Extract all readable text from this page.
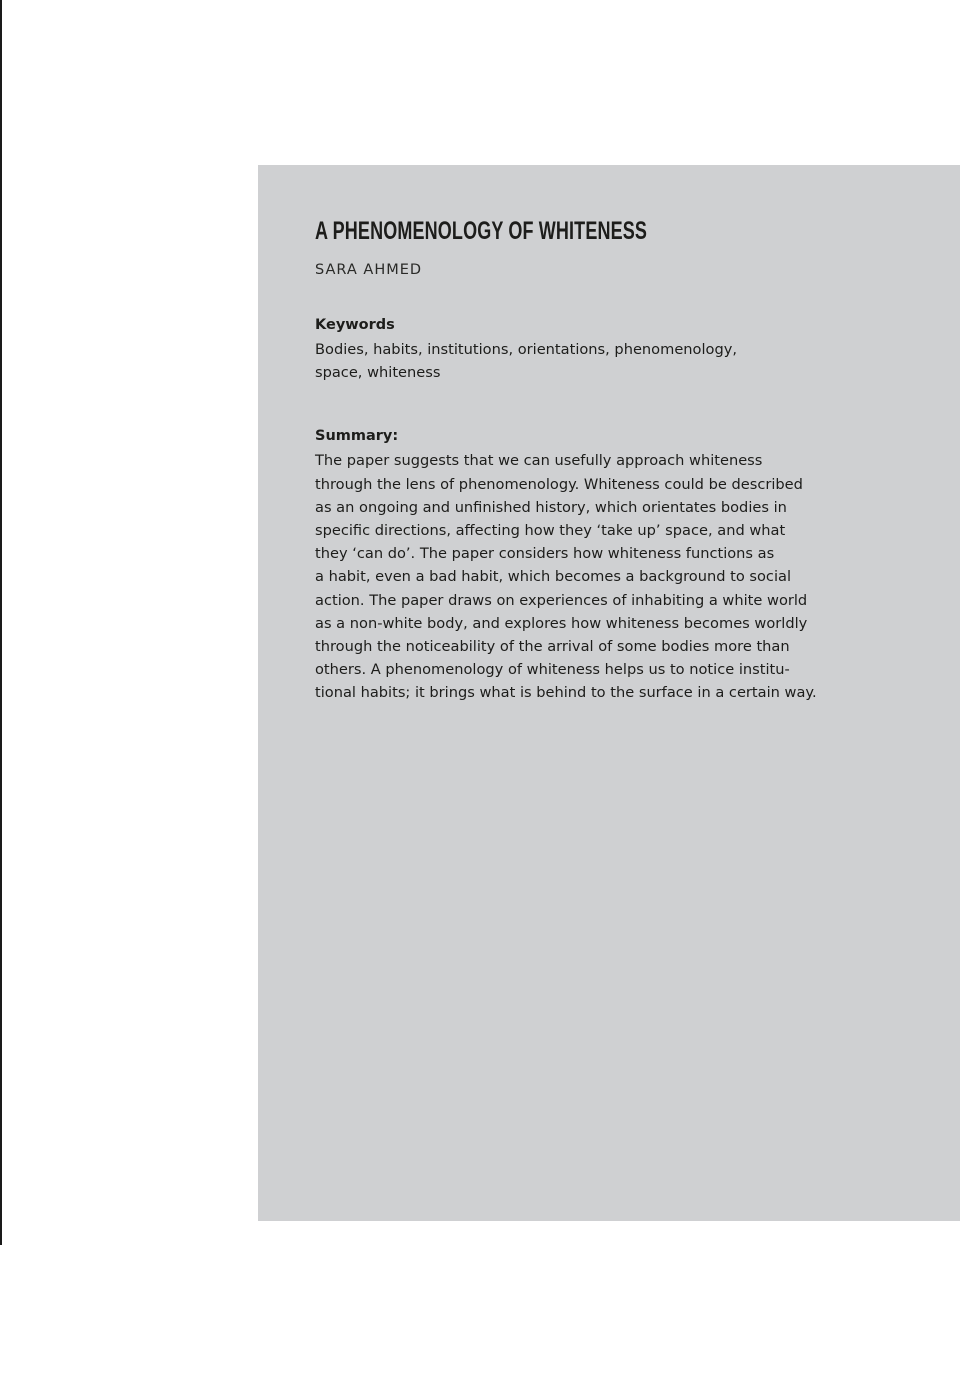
A PHENOMENOLOGY OF WHITENESS
SARA AHMED
Keywords
Bodies, habits, institutions, orientations, phenomenology,
space, whiteness
Summary:
The paper suggests that we can usefully approach whiteness
through the lens of phenomenology. Whiteness could be described
as an ongoing and unfinished history, which orientates bodies in
specific directions, affecting how they ‘take up’ space, and what
they ‘can do’. The paper considers how whiteness functions as
a habit, even a bad habit, which becomes a background to social
action. The paper draws on experiences of inhabiting a white world
as a non-white body, and explores how whiteness becomes worldly
through the noticeability of the arrival of some bodies more than
others. A phenomenology of whiteness helps us to notice institu-
tional habits; it brings what is behind to the surface in a certain way.
